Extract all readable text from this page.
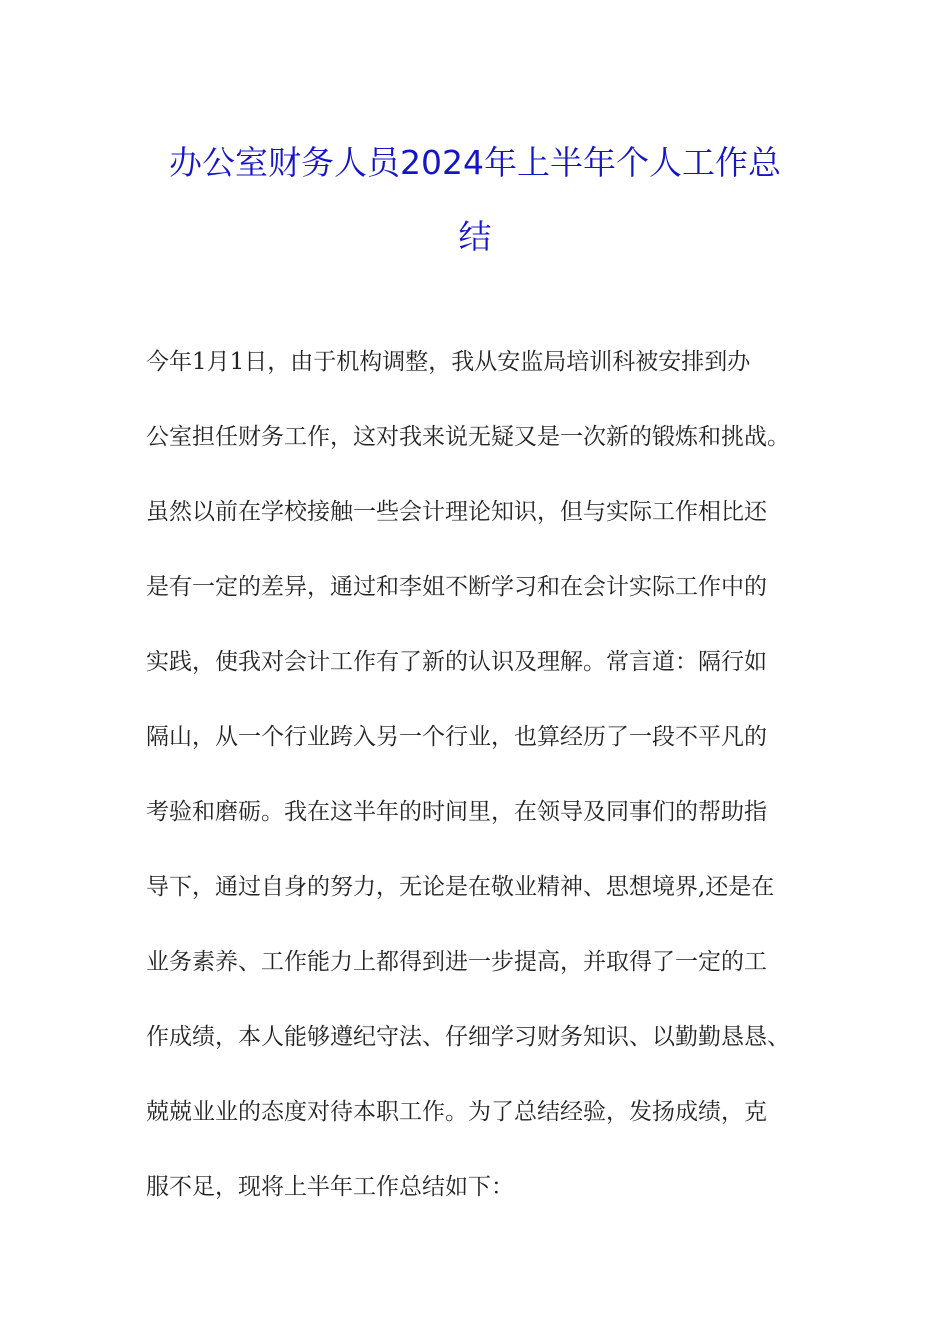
办公室财务人员2024年上半年个人工作总
结
今年1月1日，由于机构调整，我从安监局培训科被安排到办
公室担任财务工作，这对我来说无疑又是一次新的锻炼和挑战。
虽然以前在学校接触一些会计理论知识，但与实际工作相比还
是有一定的差异，通过和李姐不断学习和在会计实际工作中的
实践，使我对会计工作有了新的认识及理解。常言道：隔行如
隔山，从一个行业跨入另一个行业，也算经历了一段不平凡的
考验和磨砺。我在这半年的时间里，在领导及同事们的帮助指
导下，通过自身的努力，无论是在敬业精神、思想境界,还是在
业务素养、工作能力上都得到进一步提高，并取得了一定的工
作成绩，本人能够遵纪守法、仔细学习财务知识、以勤勤恳恳、
兢兢业业的态度对待本职工作。为了总结经验，发扬成绩，克
服不足，现将上半年工作总结如下：
